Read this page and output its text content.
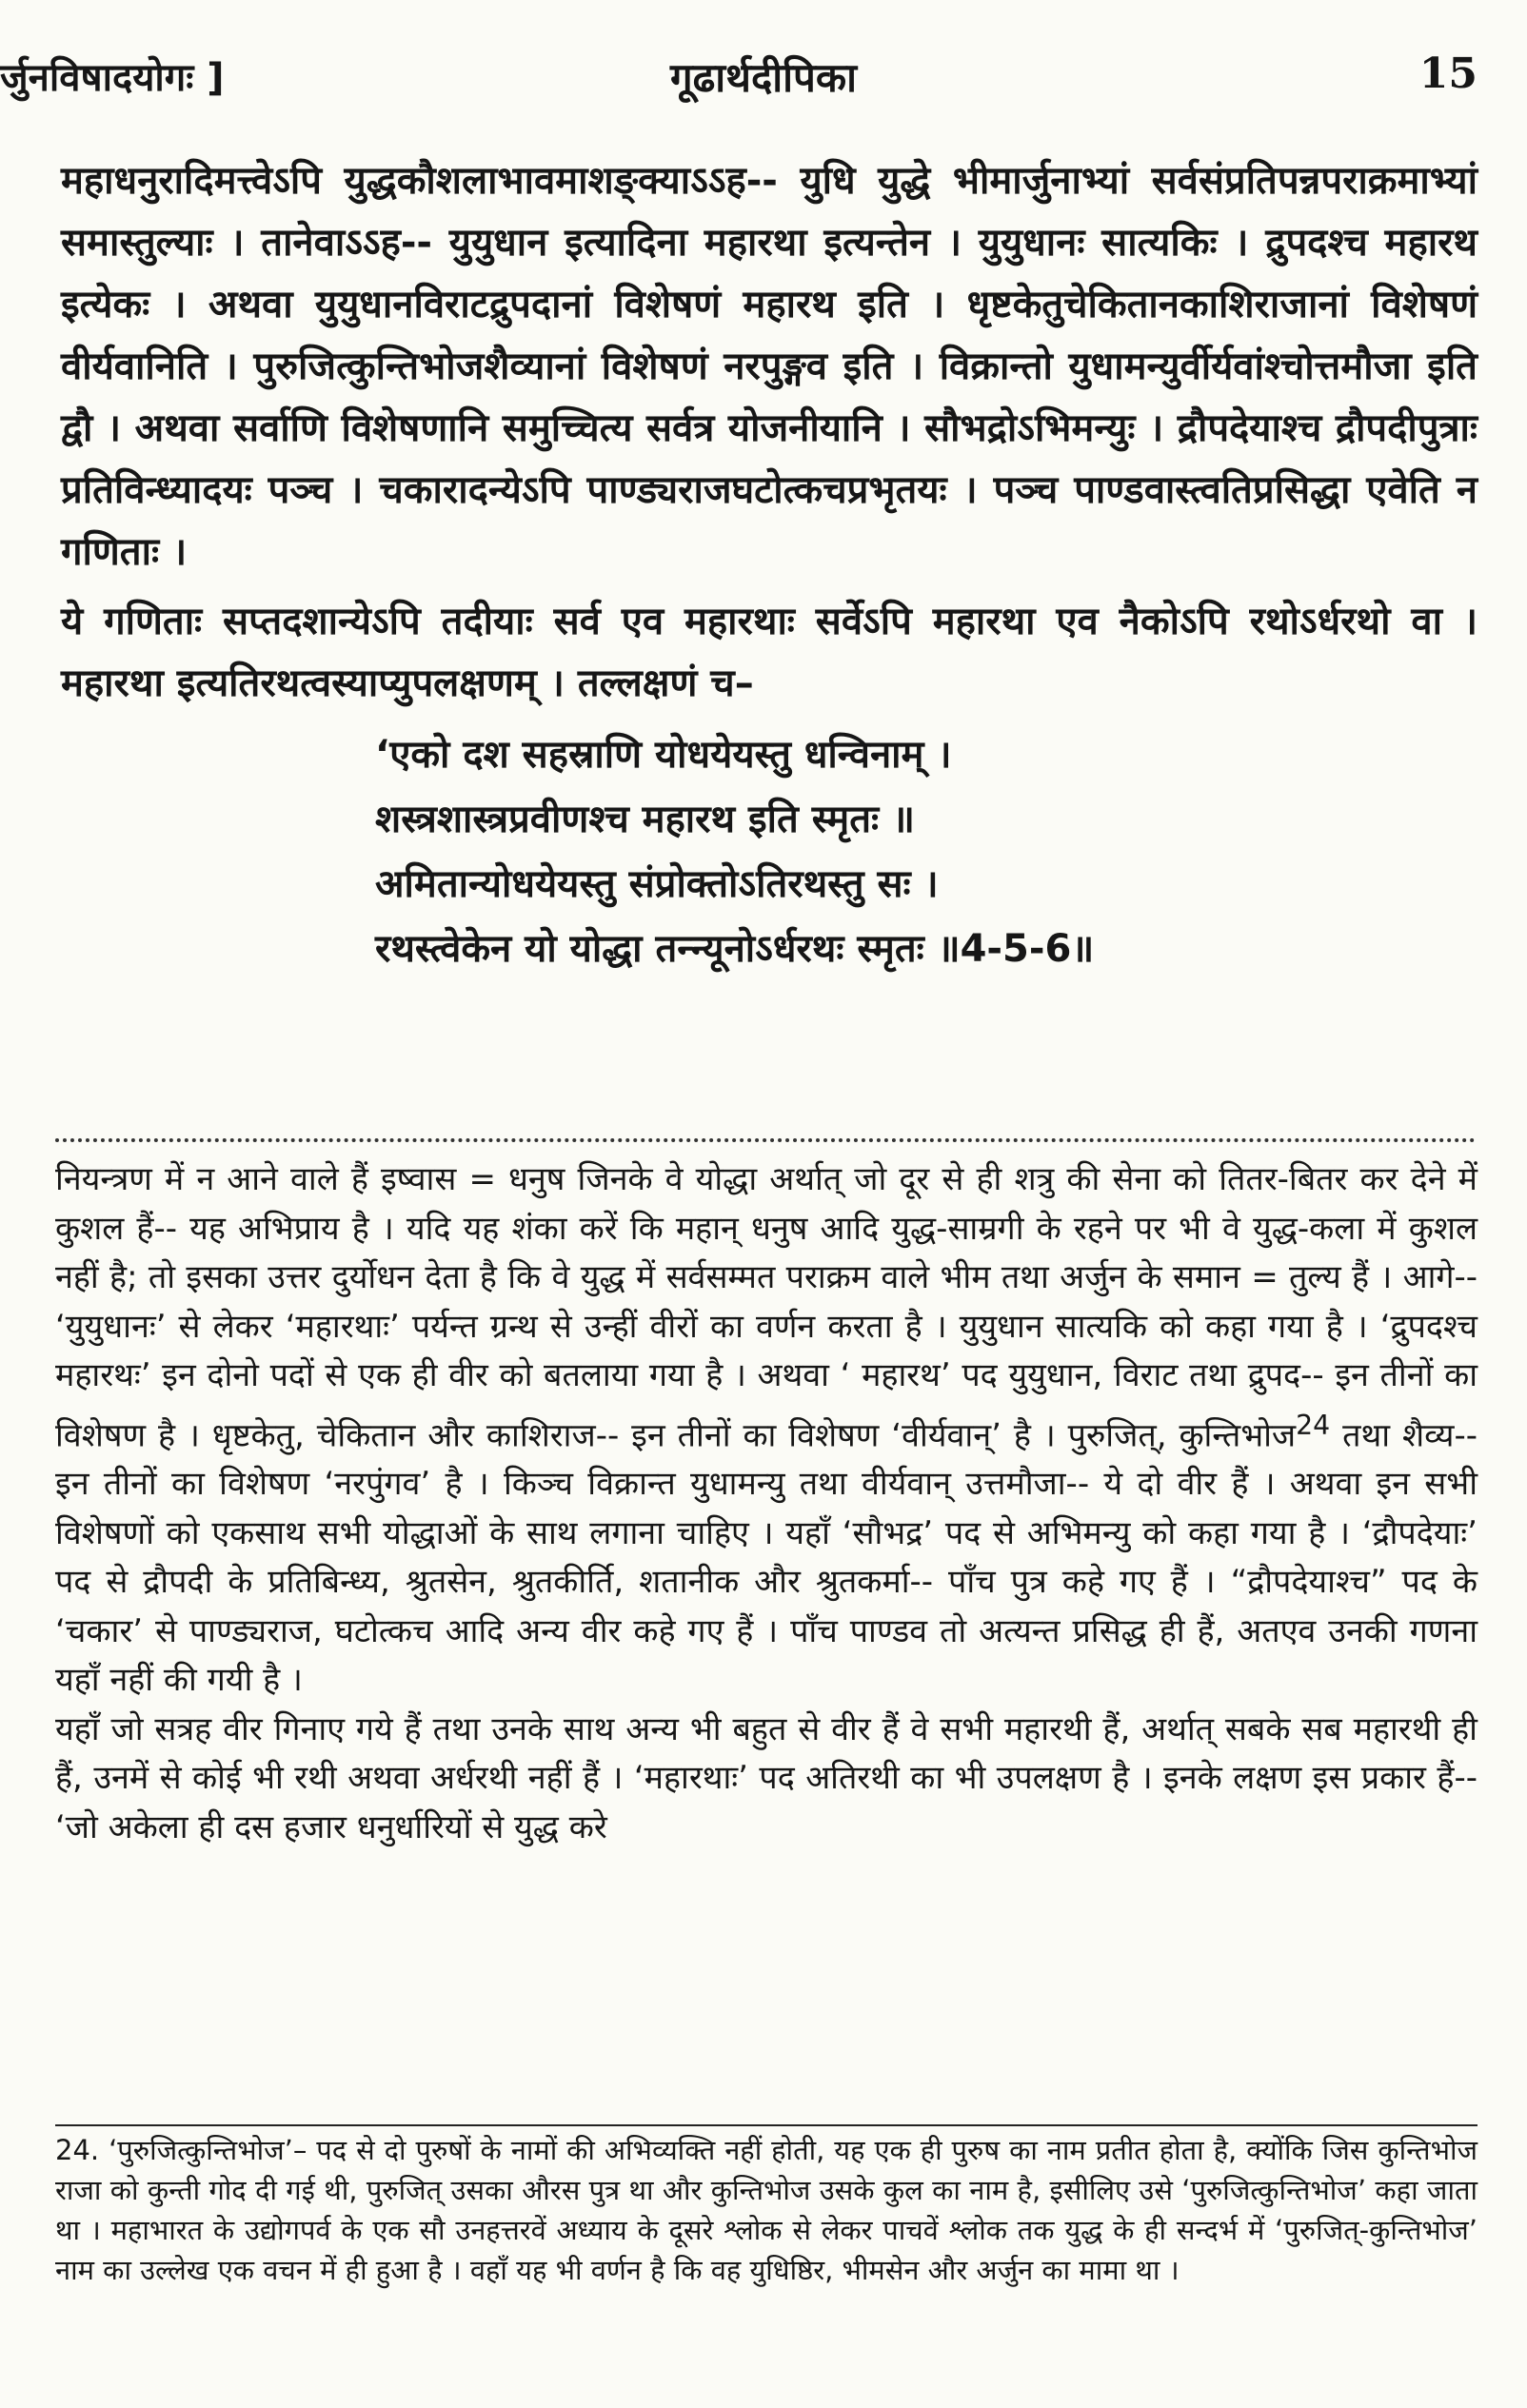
र्जुनविषादयोगः ]	गूढार्थदीपिका	15

महाधनुरादिमत्त्वेऽपि युद्धकौशलाभावमाशङ्क्याऽऽह-- युधि युद्धे भीमार्जुनाभ्यां सर्वसंप्रतिपन्नपराक्रमाभ्यां समास्तुल्याः । तानेवाऽऽह-- युयुधान इत्यादिना महारथा इत्यन्तेन । युयुधानः सात्यकिः । द्रुपदश्च महारथ इत्येकः । अथवा युयुधानविराटद्रुपदानां विशेषणं महारथ इति । धृष्टकेतुचेकितानकाशिराजानां विशेषणं वीर्यवानिति । पुरुजित्कुन्तिभोजशैव्यानां विशेषणं नरपुङ्गव इति । विक्रान्तो युधामन्युर्वीर्यवांश्चोत्तमौजा इति द्वौ । अथवा सर्वाणि विशेषणानि समुच्चित्य सर्वत्र योजनीयानि । सौभद्रोऽभिमन्युः । द्रौपदेयाश्च द्रौपदीपुत्राः प्रतिविन्ध्यादयः पञ्च । चकारादन्येऽपि पाण्ड्यराजघटोत्कचप्रभृतयः । पञ्च पाण्डवास्त्वतिप्रसिद्धा एवेति न गणिताः ।

ये गणिताः सप्तदशान्येऽपि तदीयाः सर्व एव महारथाः सर्वेऽपि महारथा एव नैकोऽपि रथोऽर्धरथो वा । महारथा इत्यतिरथत्वस्याप्युपलक्षणम् । तल्लक्षणं च–

‘एको दश सहस्राणि योधयेयस्तु धन्विनाम् ।
शस्त्रशास्त्रप्रवीणश्च महारथ इति स्मृतः ॥
अमितान्योधयेयस्तु संप्रोक्तोऽतिरथस्तु सः ।
रथस्त्वेकेन यो योद्धा तन्न्यूनोऽर्धरथः स्मृतः ॥4-5-6॥

नियन्त्रण में न आने वाले हैं इष्वास = धनुष जिनके वे योद्धा अर्थात् जो दूर से ही शत्रु की सेना को तितर-बितर कर देने में कुशल हैं-- यह अभिप्राय है । यदि यह शंका करें कि महान् धनुष आदि युद्ध-साम्रगी के रहने पर भी वे युद्ध-कला में कुशल नहीं है; तो इसका उत्तर दुर्योधन देता है कि वे युद्ध में सर्वसम्मत पराक्रम वाले भीम तथा अर्जुन के समान = तुल्य हैं । आगे-- ‘युयुधानः’ से लेकर ‘महारथाः’ पर्यन्त ग्रन्थ से उन्हीं वीरों का वर्णन करता है । युयुधान सात्यकि को कहा गया है । ‘द्रुपदश्च महारथः’ इन दोनो पदों से एक ही वीर को बतलाया गया है । अथवा ‘ महारथ’ पद युयुधान, विराट तथा द्रुपद-- इन तीनों का विशेषण है । धृष्टकेतु, चेकितान और काशिराज-- इन तीनों का विशेषण ‘वीर्यवान्’ है । पुरुजित्, कुन्तिभोज$^{24}$ तथा शैव्य-- इन तीनों का विशेषण ‘नरपुंगव’ है । किञ्च विक्रान्त युधामन्यु तथा वीर्यवान् उत्तमौजा-- ये दो वीर हैं । अथवा इन सभी विशेषणों को एकसाथ सभी योद्धाओं के साथ लगाना चाहिए । यहाँ ‘सौभद्र’ पद से अभिमन्यु को कहा गया है । ‘द्रौपदेयाः’ पद से द्रौपदी के प्रतिबिन्ध्य, श्रुतसेन, श्रुतकीर्ति, शतानीक और श्रुतकर्मा-- पाँच पुत्र कहे गए हैं । “द्रौपदेयाश्च” पद के ‘चकार’ से पाण्ड्यराज, घटोत्कच आदि अन्य वीर कहे गए हैं । पाँच पाण्डव तो अत्यन्त प्रसिद्ध ही हैं, अतएव उनकी गणना यहाँ नहीं की गयी है ।

यहाँ जो सत्रह वीर गिनाए गये हैं तथा उनके साथ अन्य भी बहुत से वीर हैं वे सभी महारथी हैं, अर्थात् सबके सब महारथी ही हैं, उनमें से कोई भी रथी अथवा अर्धरथी नहीं हैं । ‘महारथाः’ पद अतिरथी का भी उपलक्षण है । इनके लक्षण इस प्रकार हैं-- ‘जो अकेला ही दस हजार धनुर्धारियों से युद्ध करे

24. ‘पुरुजित्कुन्तिभोज’– पद से दो पुरुषों के नामों की अभिव्यक्ति नहीं होती, यह एक ही पुरुष का नाम प्रतीत होता है, क्योंकि जिस कुन्तिभोज राजा को कुन्ती गोद दी गई थी, पुरुजित् उसका औरस पुत्र था और कुन्तिभोज उसके कुल का नाम है, इसीलिए उसे ‘पुरुजित्कुन्तिभोज’ कहा जाता था । महाभारत के उद्योगपर्व के एक सौ उनहत्तरवें अध्याय के दूसरे श्लोक से लेकर पाचवें श्लोक तक युद्ध के ही सन्दर्भ में ‘पुरुजित्-कुन्तिभोज’ नाम का उल्लेख एक वचन में ही हुआ है । वहाँ यह भी वर्णन है कि वह युधिष्ठिर, भीमसेन और अर्जुन का मामा था ।
